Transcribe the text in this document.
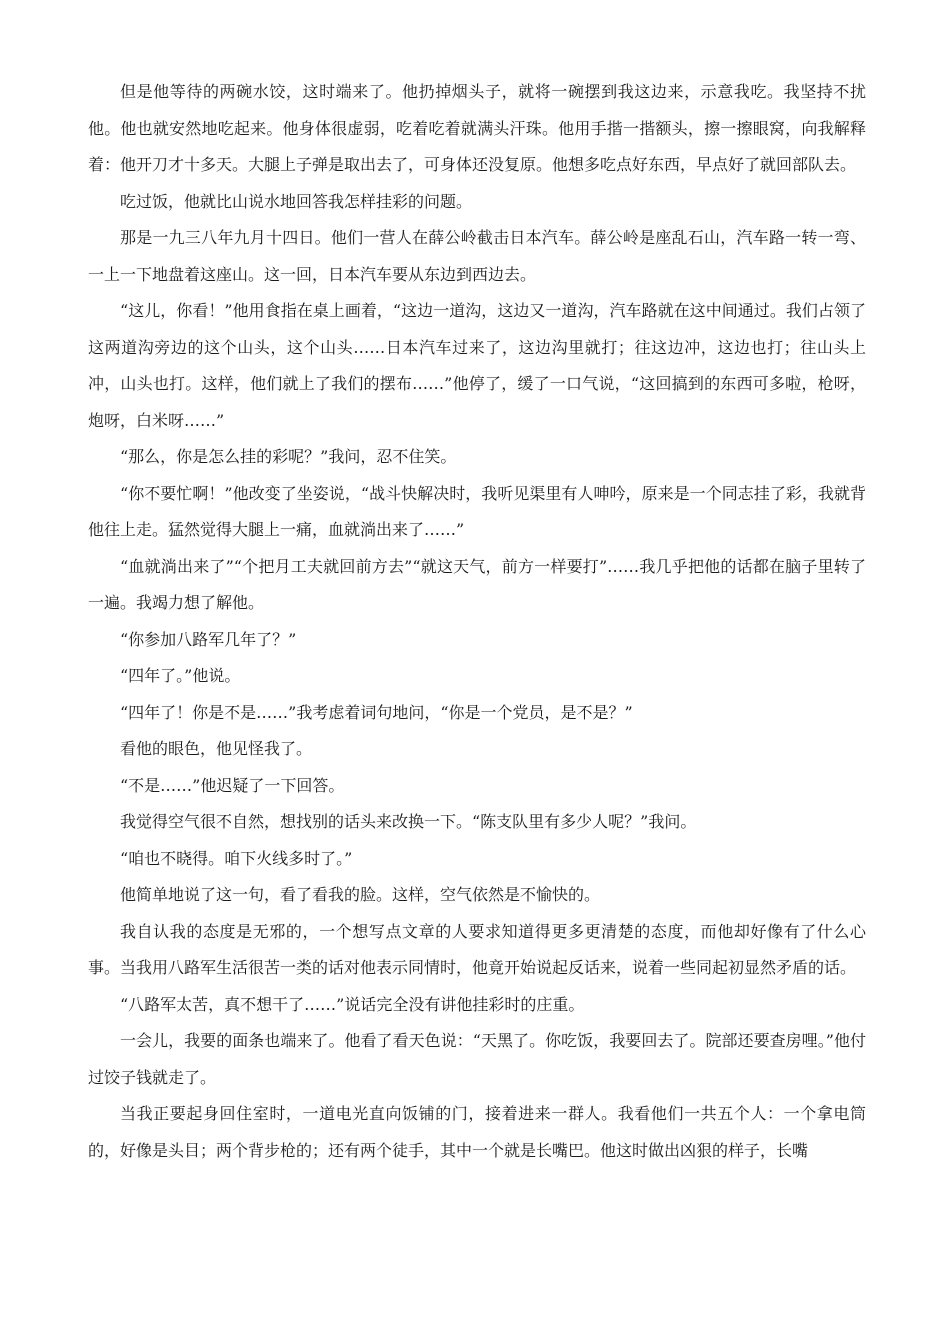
但是他等待的两碗水饺，这时端来了。他扔掉烟头子，就将一碗摆到我这边来，示意我吃。我坚持不扰他。他也就安然地吃起来。他身体很虚弱，吃着吃着就满头汗珠。他用手揩一揩额头，擦一擦眼窝，向我解释着：他开刀才十多天。大腿上子弹是取出去了，可身体还没复原。他想多吃点好东西，早点好了就回部队去。

吃过饭，他就比山说水地回答我怎样挂彩的问题。

那是一九三八年九月十四日。他们一营人在薛公岭截击日本汽车。薛公岭是座乱石山，汽车路一转一弯、一上一下地盘着这座山。这一回，日本汽车要从东边到西边去。

“这儿，你看！”他用食指在桌上画着，“这边一道沟，这边又一道沟，汽车路就在这中间通过。我们占领了这两道沟旁边的这个山头，这个山头……日本汽车过来了，这边沟里就打；往这边冲，这边也打；往山头上冲，山头也打。这样，他们就上了我们的摆布……”他停了，缓了一口气说，“这回搞到的东西可多啦，枪呀，炮呀，白米呀……”

“那么，你是怎么挂的彩呢？”我问，忍不住笑。

“你不要忙啊！”他改变了坐姿说，“战斗快解决时，我听见渠里有人呻吟，原来是一个同志挂了彩，我就背他往上走。猛然觉得大腿上一痛，血就淌出来了……”

“血就淌出来了”“个把月工夫就回前方去”“就这天气，前方一样要打”……我几乎把他的话都在脑子里转了一遍。我竭力想了解他。

“你参加八路军几年了？”

“四年了。”他说。

“四年了！你是不是……”我考虑着词句地问，“你是一个党员，是不是？”

看他的眼色，他见怪我了。

“不是……”他迟疑了一下回答。

我觉得空气很不自然，想找别的话头来改换一下。“陈支队里有多少人呢？”我问。

“咱也不晓得。咱下火线多时了。”

他简单地说了这一句，看了看我的脸。这样，空气依然是不愉快的。

我自认我的态度是无邪的，一个想写点文章的人要求知道得更多更清楚的态度，而他却好像有了什么心事。当我用八路军生活很苦一类的话对他表示同情时，他竟开始说起反话来，说着一些同起初显然矛盾的话。

“八路军太苦，真不想干了……”说话完全没有讲他挂彩时的庄重。

一会儿，我要的面条也端来了。他看了看天色说：“天黑了。你吃饭，我要回去了。院部还要查房哩。”他付过饺子钱就走了。

当我正要起身回住室时，一道电光直向饭铺的门，接着进来一群人。我看他们一共五个人：一个拿电筒的，好像是头目；两个背步枪的；还有两个徒手，其中一个就是长嘴巴。他这时做出凶狠的样子，长嘴
